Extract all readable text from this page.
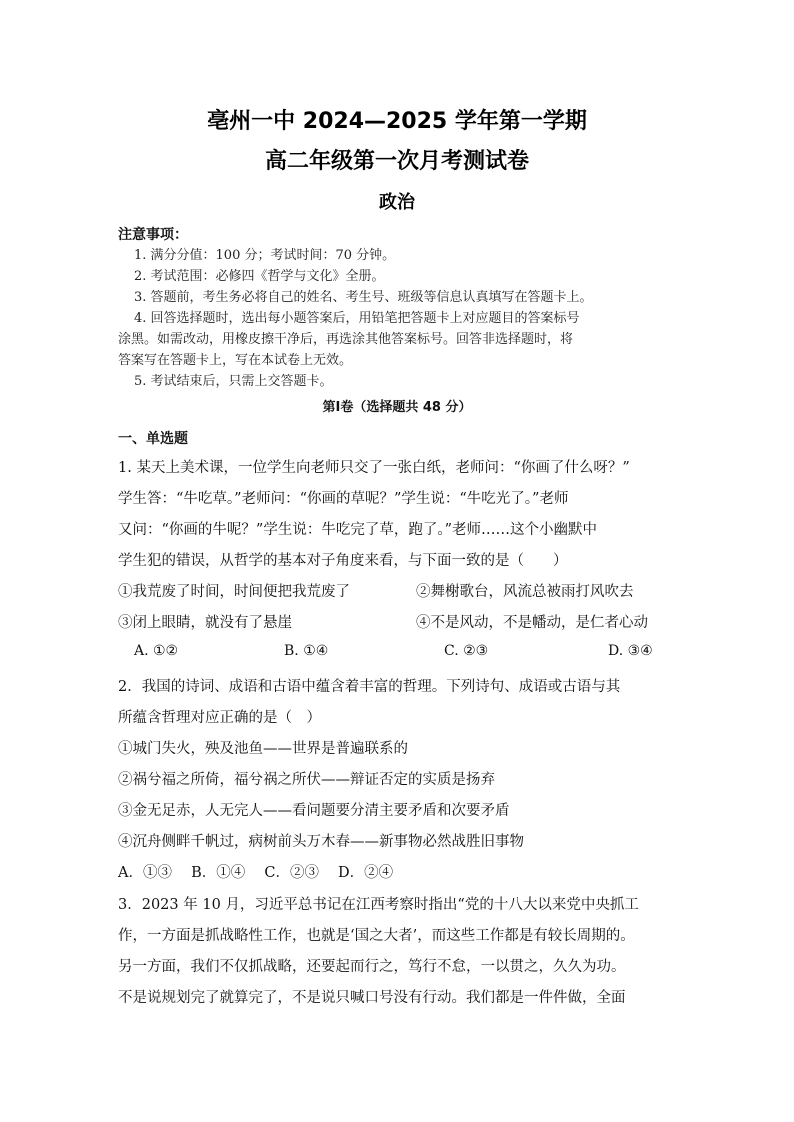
亳州一中 2024—2025 学年第一学期
高二年级第一次月考测试卷
政治
注意事项：
1. 满分分值：100 分；考试时间：70 分钟。
2. 考试范围：必修四《哲学与文化》全册。
3. 答题前，考生务必将自己的姓名、考生号、班级等信息认真填写在答题卡上。
4. 回答选择题时，选出每小题答案后，用铅笔把答题卡上对应题目的答案标号
涂黑。如需改动，用橡皮擦干净后，再选涂其他答案标号。回答非选择题时，将
答案写在答题卡上，写在本试卷上无效。
5. 考试结束后，只需上交答题卡。
第Ⅰ卷（选择题共 48 分）
一、单选题
1. 某天上美术课，一位学生向老师只交了一张白纸，老师问：“你画了什么呀？”
学生答：“牛吃草。”老师问：“你画的草呢？”学生说：“牛吃光了。”老师
又问：“你画的牛呢？”学生说：牛吃完了草，跑了。”老师……这个小幽默中
学生犯的错误，从哲学的基本对子角度来看，与下面一致的是（　　）
①我荒废了时间，时间便把我荒废了	②舞榭歌台，风流总被雨打风吹去
③闭上眼睛，就没有了悬崖	④不是风动，不是幡动，是仁者心动
A. ①②	B. ①④	C. ②③	D. ③④
2．我国的诗词、成语和古语中蕴含着丰富的哲理。下列诗句、成语或古语与其
所蕴含哲理对应正确的是（　）
①城门失火，殃及池鱼——世界是普遍联系的
②祸兮福之所倚，福兮祸之所伏——辩证否定的实质是扬弃
③金无足赤，人无完人——看问题要分清主要矛盾和次要矛盾
④沉舟侧畔千帆过，病树前头万木春——新事物必然战胜旧事物
A．①③　 B．①④　 C．②③　 D．②④
3．2023 年 10 月，习近平总书记在江西考察时指出“党的十八大以来党中央抓工
作，一方面是抓战略性工作，也就是‘国之大者’，而这些工作都是有较长周期的。
另一方面，我们不仅抓战略，还要起而行之，笃行不怠，一以贯之，久久为功。
不是说规划完了就算完了，不是说只喊口号没有行动。我们都是一件件做，全面
